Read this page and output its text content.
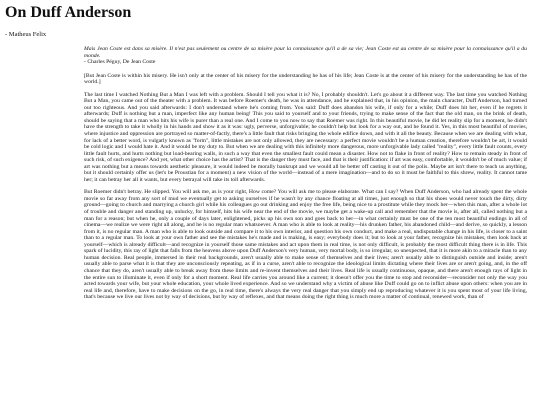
On Duff Anderson
- Matheus Felix
Mais Jean Coste est dans sa misère. Il n'est pas seulement ou centre de sa misère pour la connaissance qu'il a de sa vie; Jean Coste est au centre de sa misère pour la connaissance qu'il a du monde.
- Charles Péguy, De Jean Coste

[But Jean Coste is within his misery. He isn't only at the center of his misery for the understanding he has of his life; Jean Coste is at the center of his misery for the understanding he has of the world.]

The last time I watched Nothing But a Man I was left with a problem. Should I tell you what it is? No, I probably shouldn't. Let's go about it a different way. The last time you watched Nothing But a Man, you came out of the theater with a problem. It was before Roemer's death, he was in attendance, and he explained that, in his opinion, the main character, Duff Anderson, had turned out too righteous. And you said afterwards: I don't understand where he's coming from. You said: Duff does abandon his wife, if only for a while; Duff does hit her, even if he regrets it afterwards; Duff is nothing but a man, imperfect like any human being! This you said to yourself and to your friends, trying to make sense of the fact that the old man, on the brink of death, should be saying that a man who hits his wife is purer than a real one. And I come to you now to say that Roemer was right. In this beautiful movie, he did let reality slip for a moment, he didn't have the strength to take it wholly in his hands and show it as it was: ugly, perverse, unforgivable; he couldn't help but look for a way out, and he found it. Yes, in this most beautiful of movies, where injustice and oppression are portrayed so matter-of-factly, there's a little fault that risks bringing the whole edifice down, and with it all the beauty. Because when we are dealing with what, for lack of a better word, is vulgarly known as "form", little mistakes are not only allowed, they are necessary: a perfect movie wouldn't be a human creation, therefore wouldn't be art, it would be cold logic and I would hate it. And it would be my duty to. But when we are dealing with this infinitely more dangerous, more unforgivable lady called "reality", every little fault counts, every little fault hurts, and hurts nothing but load-bearing walls, in such a way that even the smallest fault could mean a disaster. How not to flake in front of reality? How to remain steady in front of such risk, of such exigence? And yet, what other choice has the artist? That is the danger they must face, and that is their justification: if art was easy, comfortable, it wouldn't be of much value; if art was nothing but a means towards aesthetic pleasure, it would indeed be morally bankrupt and we would all be better off casting it out of the polis. Maybe art isn't there to teach us anything, but it should certainly offer us (let's be Proustian for a moment) a new vision of the world—instead of a mere imagination—and to do so it must be faithful to this shrew, reality. It cannot tame her; it can betray her all it wants, but every betrayal will take its toll afterwards.

But Roemer didn't betray. He slipped. You will ask me, as is your right, How come? You will ask me to please elaborate. What can I say? When Duff Anderson, who had already spent the whole movie so far away from any sort of mud we eventually get to asking ourselves if he wasn't by any chance floating at all times, just enough so that his shoes would never touch the dirty, dirty ground—going to church and marrying a church girl while his colleagues go out drinking and enjoy the free life, being nice to a prostitute while they mock her—when this man, after a whole lot of trouble and danger and standing up, unlucky, for himself, hits his wife near the end of the movie, we maybe get a wake-up call and remember that the movie is, after all, called nothing but a man for a reason; but when he, only a couple of days later, enlightened, picks up his own son and goes back to her—in what certainly must be one of the ten most beautiful endings in all of cinema—we realize we were right all along, and he is no regular man whatsoever. A man who is able to look at reality—his drunken father, his abandoned child—and derive, so quickly, a lesson from it, is no regular man. A man who is able to look outside and compare it to his own interior, and question his own conduct, and make a real, undisputable change in his life, is closer to a saint than to a regular man. To look at your own father and see the mistakes he's made and is making, is easy; everybody does it; but to look at your father, recognize his mistakes, then look back at yourself—which is already difficult—and recognize in yourself those same mistakes and act upon them in real time, is not only difficult, is probably the most difficult thing there is in life. This spark of lucidity, this ray of light that falls from the heavens above upon Duff Anderson's very human, very mortal body, is so irregular, so unexpected, that it is more akin to a miracle than to any human decision. Real people, immersed in their real backgrounds, aren't usually able to make sense of themselves and their lives; aren't usually able to distinguish outside and inside; aren't usually able to parse what it is that they are unconsciously repeating, as if in a curse, aren't able to recognize the ideological limits dictating where their lives are or aren't going, and, in the off chance that they do, aren't usually able to break away from these limits and re-invent themselves and their lives. Real life is usually continuous, opaque, and there aren't enough rays of light in the entire sun to illuminate it, even if only for a short moment. Real life carries you around like a current; it doesn't offer you the time to stop and reconsider—reconsider not only the way you acted towards your wife, but your whole education, your whole lived experience. And so we understand why a victim of abuse like Duff could go on to inflict abuse upon others: when you are in real life and, therefore, have to make decisions on the go, in real time, there's always the very real danger that you simply end up reproducing whatever it is you spent most of your life living, that's because we live our lives not by way of decisions, but by way of reflexes, and that means doing the right thing is much more a matter of continual, renewed work, than of
